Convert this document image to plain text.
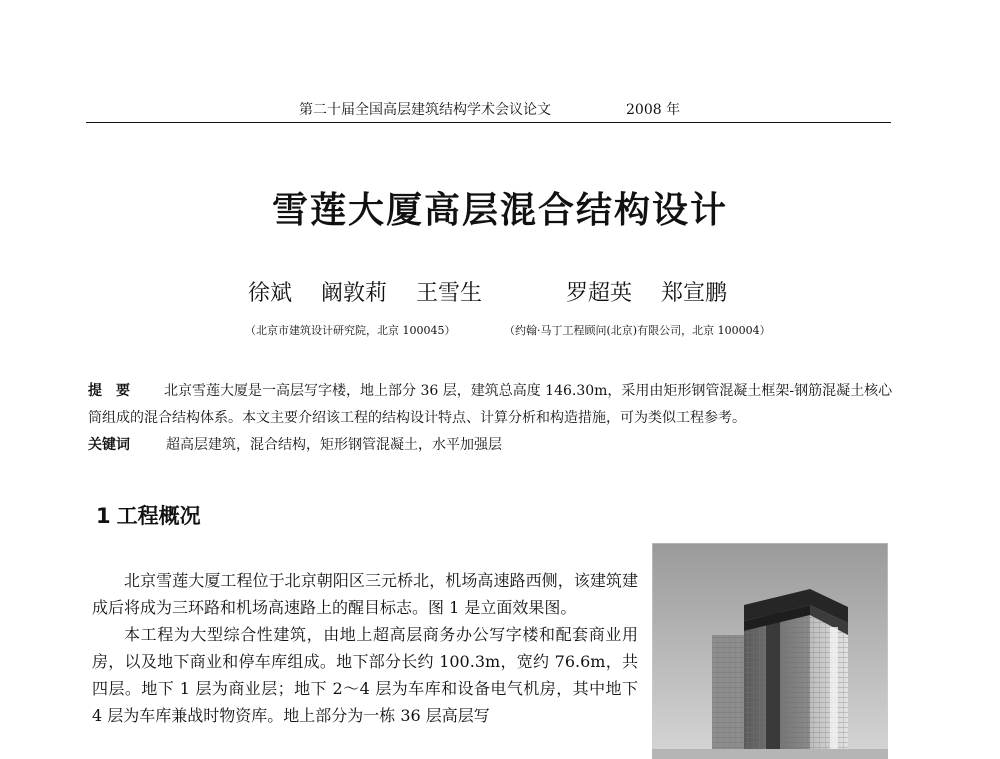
第二十届全国高层建筑结构学术会议论文	2008 年
雪莲大厦高层混合结构设计
徐斌 阚敦莉 王雪生	罗超英 郑宣鹏
（北京市建筑设计研究院，北京 100045）	（约翰·马丁工程顾问(北京)有限公司，北京 100004）
提　要 北京雪莲大厦是一高层写字楼，地上部分 36 层，建筑总高度 146.30m，采用由矩形钢管混凝土框架-钢筋混凝土核心筒组成的混合结构体系。本文主要介绍该工程的结构设计特点、计算分析和构造措施，可为类似工程参考。
关键词	超高层建筑，混合结构，矩形钢管混凝土，水平加强层
1 工程概况

北京雪莲大厦工程位于北京朝阳区三元桥北，机场高速路西侧，该建筑建成后将成为三环路和机场高速路上的醒目标志。图 1 是立面效果图。

本工程为大型综合性建筑，由地上超高层商务办公写字楼和配套商业用房，以及地下商业和停车库组成。地下部分长约 100.3m，宽约 76.6m，共四层。地下 1 层为商业层；地下 2～4 层为车库和设备电气机房，其中地下 4 层为车库兼战时物资库。地上部分为一栋 36 层高层写
